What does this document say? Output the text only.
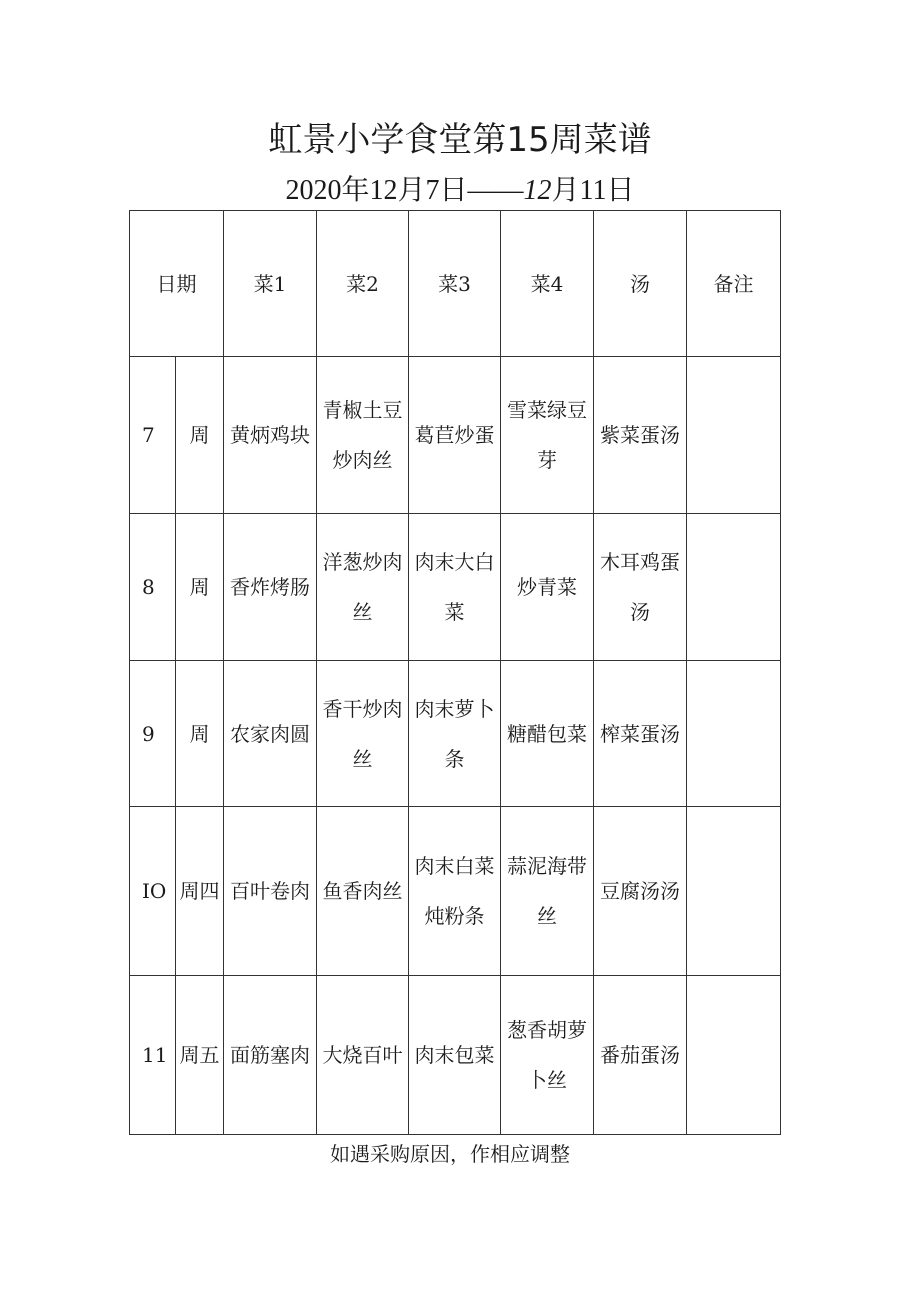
虹景小学食堂第15周菜谱
2020年12月7日——12月11日
日期		菜1	菜2	菜3	菜4	汤	备注
7	周	黄炳鸡块	青椒土豆炒肉丝	葛苣炒蛋	雪菜绿豆芽	紫菜蛋汤	
8	周	香炸烤肠	洋葱炒肉丝	肉末大白菜	炒青菜	木耳鸡蛋汤	
9	周	农家肉圆	香干炒肉丝	肉末萝卜条	糖醋包菜	榨菜蛋汤	
IO	周四	百叶卷肉	鱼香肉丝	肉末白菜炖粉条	蒜泥海带丝	豆腐汤汤	
11	周五	面筋塞肉	大烧百叶	肉末包菜	葱香胡萝卜丝	番茄蛋汤	
如遇采购原因，作相应调整
